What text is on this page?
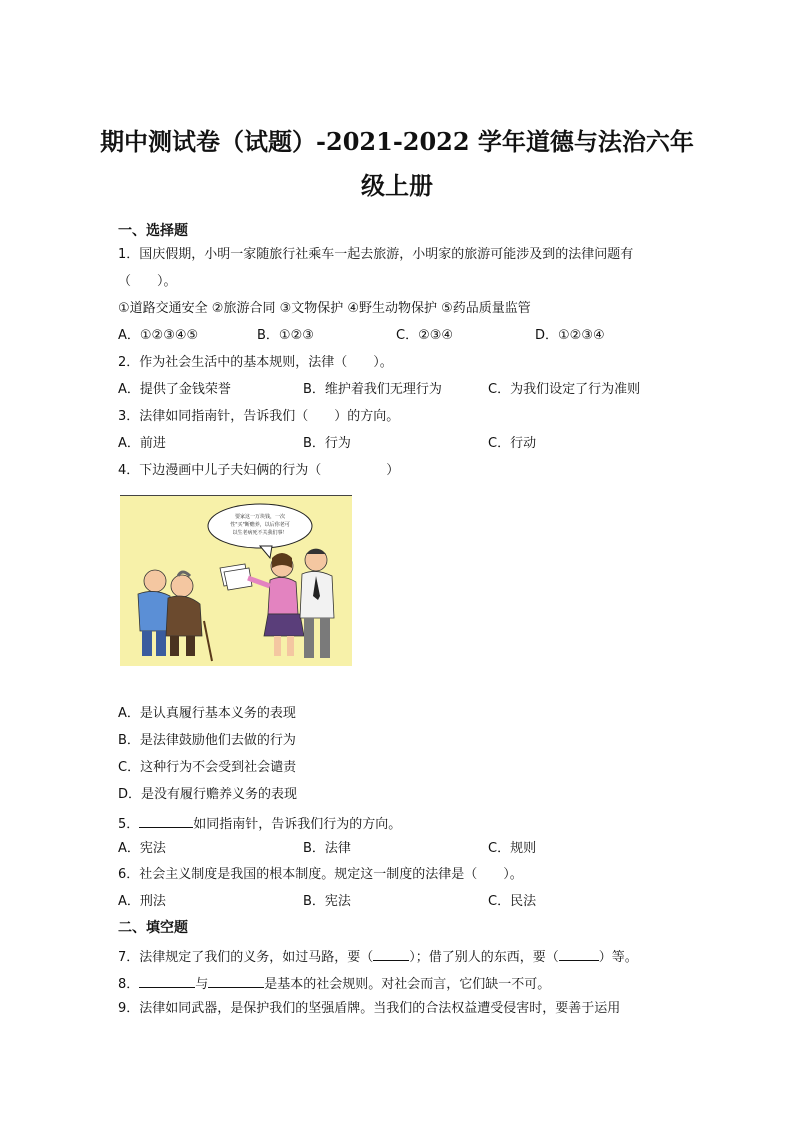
期中测试卷（试题）-2021-2022 学年道德与法治六年
级上册
一、选择题
1．国庆假期，小明一家随旅行社乘车一起去旅游，小明家的旅游可能涉及到的法律问题有
（　　）。
①道路交通安全 ②旅游合同 ③文物保护 ④野生动物保护 ⑤药品质量监管
A．①②③④⑤	B．①②③	C．②③④	D．①②③④
2．作为社会生活中的基本规则，法律（　　）。
A．提供了金钱荣誉	B．维护着我们无理行为	C．为我们设定了行为准则
3．法律如同指南针，告诉我们（　　）的方向。
A．前进	B．行为	C．行动
4．下边漫画中儿子夫妇俩的行为（　　　　　）
要家这一万块钱，一次
性"买"断赡养，以后你老可
以生老病死不关我们事！
A．是认真履行基本义务的表现
B．是法律鼓励他们去做的行为
C．这种行为不会受到社会谴责
D．是没有履行赡养义务的表现
5．	如同指南针，告诉我们行为的方向。
A．宪法	B．法律	C．规则
6．社会主义制度是我国的根本制度。规定这一制度的法律是（　　）。
A．刑法	B．宪法	C．民法
二、填空题
7．法律规定了我们的义务，如过马路，要（	）；借了别人的东西，要（	）等。
8．	与	是基本的社会规则。对社会而言，它们缺一不可。
9．法律如同武器，是保护我们的坚强盾牌。当我们的合法权益遭受侵害时，要善于运用
